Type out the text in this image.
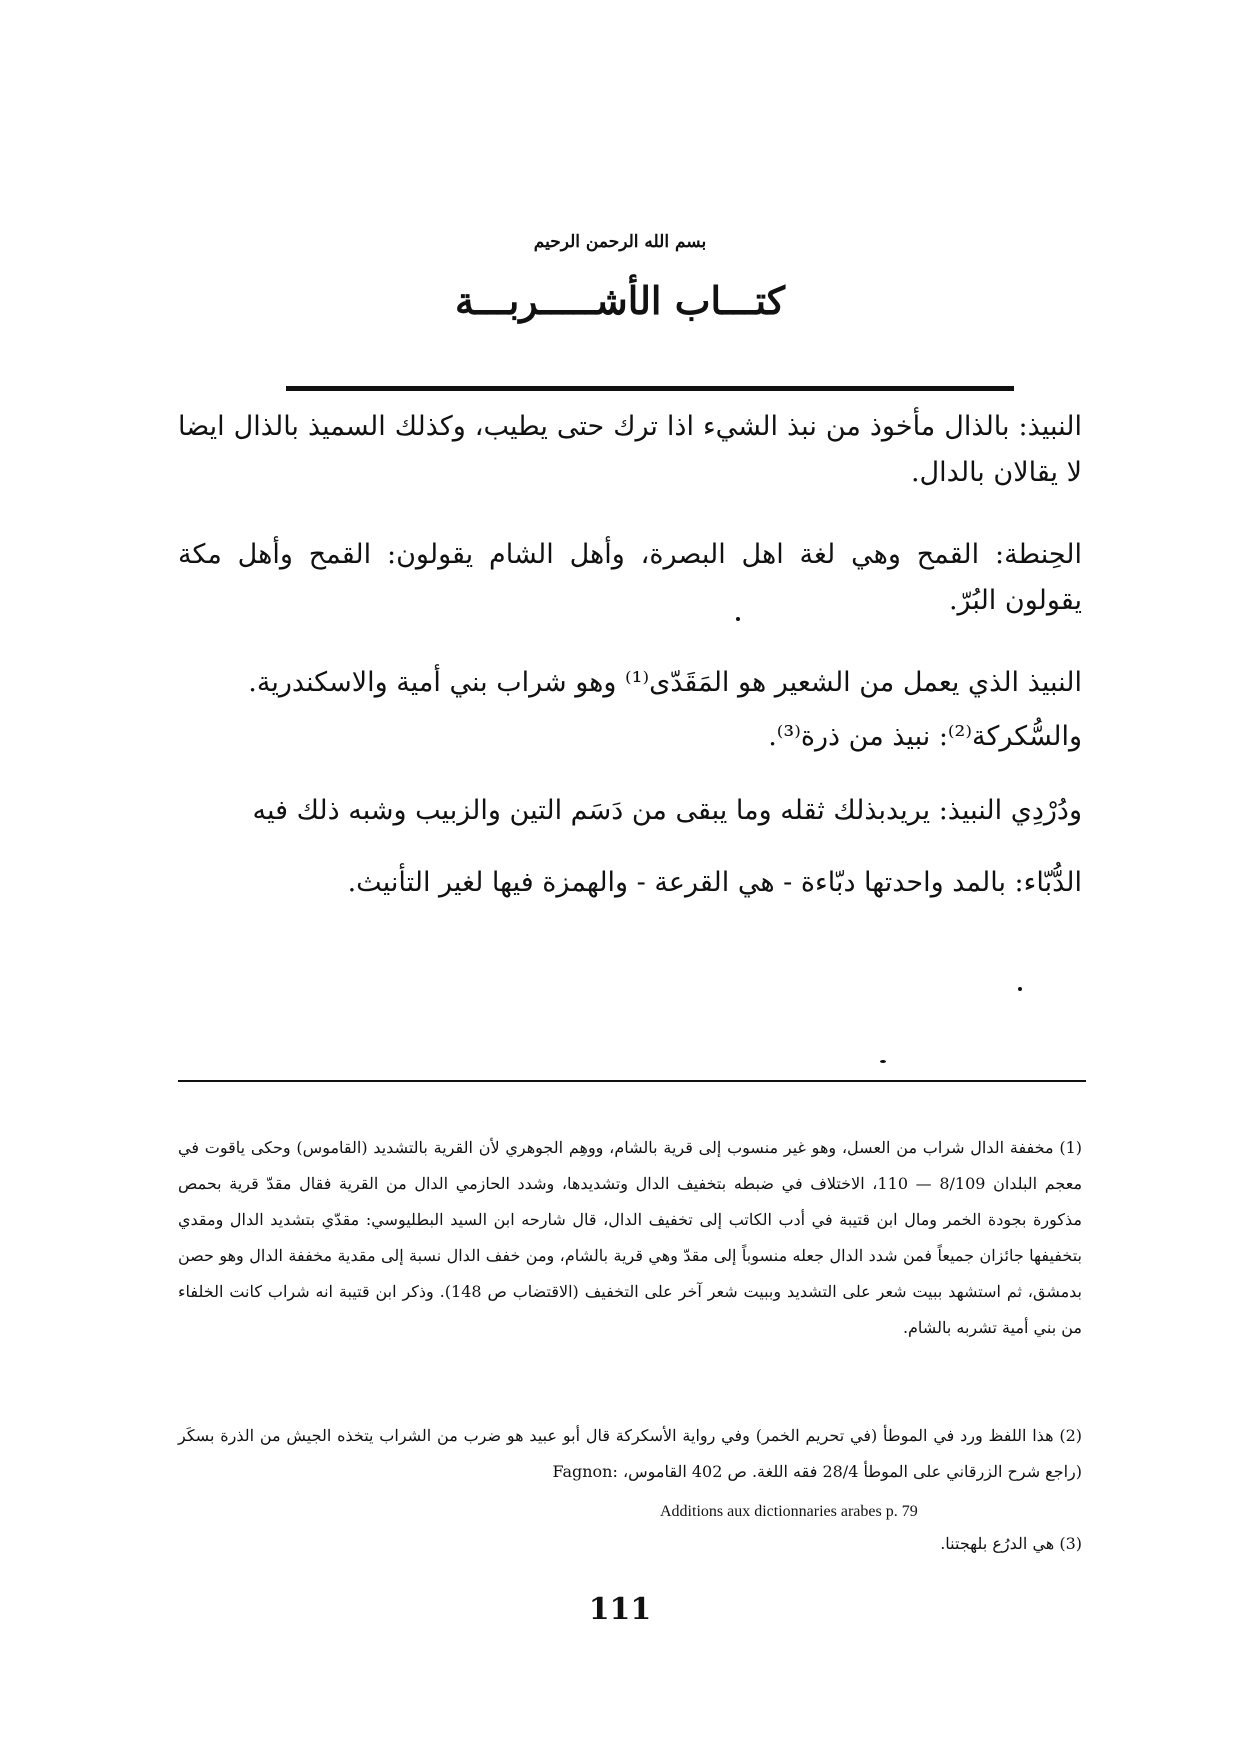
بسم الله الرحمن الرحيم

كتـــاب الأشـــــربـــة

النبيذ: بالذال مأخوذ من نبذ الشيء اذا ترك حتى يطيب، وكذلك السميذ بالذال ايضا لا يقالان بالدال.

الحِنطة: القمح وهي لغة اهل البصرة، وأهل الشام يقولون: القمح وأهل مكة يقولون البُرّ.

النبيذ الذي يعمل من الشعير هو المَقَدّى⁽¹⁾ وهو شراب بني أمية والاسكندرية.

والسُّكركة⁽²⁾: نبيذ من ذرة⁽³⁾.

ودُرْدِي النبيذ: يريدبذلك ثقله وما يبقى من دَسَم التين والزبيب وشبه ذلك فيه

الدُّبّاء: بالمد واحدتها دبّاءة - هي القرعة - والهمزة فيها لغير التأنيث.

(1) مخففة الدال شراب من العسل، وهو غير منسوب إلى قرية بالشام، ووهِم الجوهري لأن القرية بالتشديد (القاموس) وحكى ياقوت في معجم البلدان 8/109 — 110، الاختلاف في ضبطه بتخفيف الدال وتشديدها، وشدد الحازمي الدال من القرية فقال مقدّ قرية بحمص مذكورة بجودة الخمر ومال ابن قتيبة في أدب الكاتب إلى تخفيف الدال، قال شارحه ابن السيد البطليوسي: مقدّي بتشديد الدال ومقدي بتخفيفها جائزان جميعاً فمن شدد الدال جعله منسوباً إلى مقدّ وهي قرية بالشام، ومن خفف الدال نسبة إلى مقدية مخففة الدال وهو حصن بدمشق، ثم استشهد ببيت شعر على التشديد وببيت شعر آخر على التخفيف (الاقتضاب ص 148). وذكر ابن قتيبة انه شراب كانت الخلفاء من بني أمية تشربه بالشام.

(2) هذا اللفظ ورد في الموطأ (في تحريم الخمر) وفي رواية الأسكركة قال أبو عبيد هو ضرب من الشراب يتخذه الجيش من الذرة بسكَر (راجع شرح الزرقاني على الموطأ 28/4 فقه اللغة. ص 402 القاموس، :Fagnon

Additions aux dictionnaries arabes p. 79

(3) هي الدرُع بلهجتنا.

111
